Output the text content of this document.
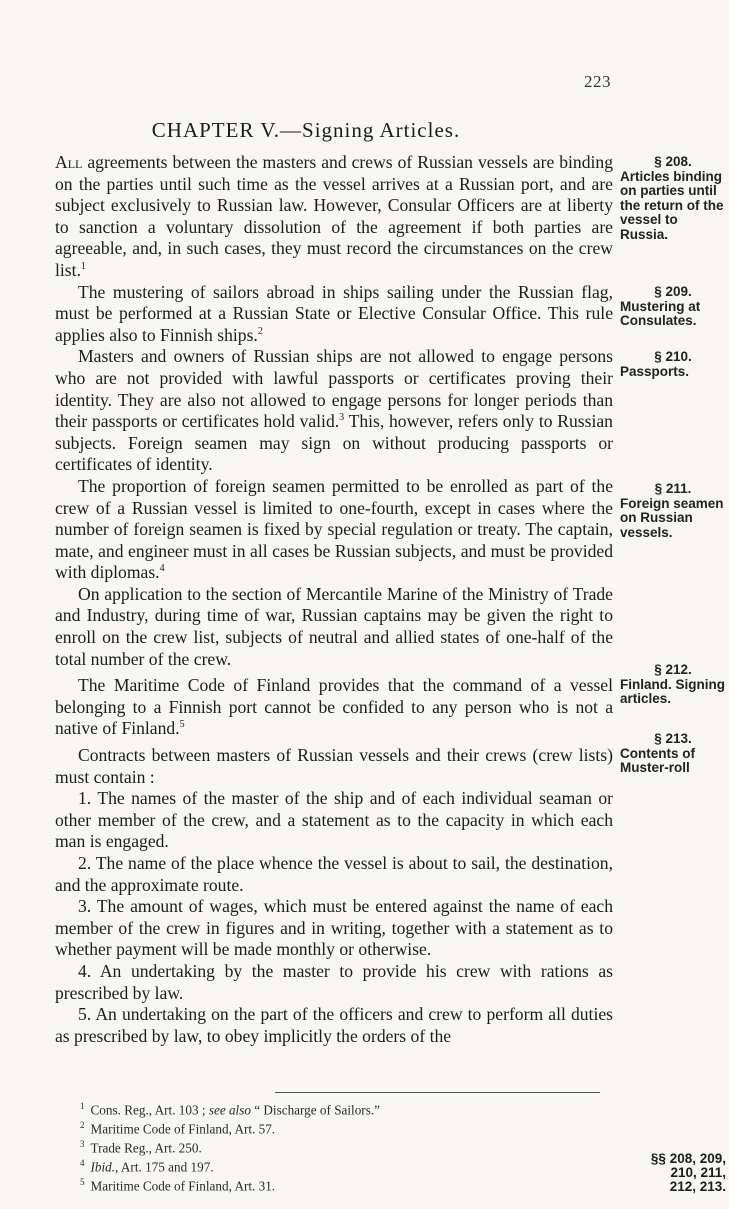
223
CHAPTER V.—Signing Articles.

All agreements between the masters and crews of Russian vessels are binding on the parties until such time as the vessel arrives at a Russian port, and are subject exclusively to Russian law. However, Consular Officers are at liberty to sanction a voluntary dissolution of the agreement if both parties are agreeable, and, in such cases, they must record the circumstances on the crew list.$^1$

The mustering of sailors abroad in ships sailing under the Russian flag, must be performed at a Russian State or Elective Consular Office. This rule applies also to Finnish ships.$^2$

Masters and owners of Russian ships are not allowed to engage persons who are not provided with lawful passports or certificates proving their identity. They are also not allowed to engage persons for longer periods than their passports or certificates hold valid.$^3$ This, however, refers only to Russian subjects. Foreign seamen may sign on without producing passports or certificates of identity.

The proportion of foreign seamen permitted to be enrolled as part of the crew of a Russian vessel is limited to one-fourth, except in cases where the number of foreign seamen is fixed by special regulation or treaty. The captain, mate, and engineer must in all cases be Russian subjects, and must be provided with diplomas.$^4$

On application to the section of Mercantile Marine of the Ministry of Trade and Industry, during time of war, Russian captains may be given the right to enroll on the crew list, subjects of neutral and allied states of one-half of the total number of the crew.

The Maritime Code of Finland provides that the command of a vessel belonging to a Finnish port cannot be confided to any person who is not a native of Finland.$^5$

Contracts between masters of Russian vessels and their crews (crew lists) must contain :

1. The names of the master of the ship and of each individual seaman or other member of the crew, and a statement as to the capacity in which each man is engaged.

2. The name of the place whence the vessel is about to sail, the destination, and the approximate route.

3. The amount of wages, which must be entered against the name of each member of the crew in figures and in writing, together with a statement as to whether payment will be made monthly or otherwise.

4. An undertaking by the master to provide his crew with rations as prescribed by law.

5. An undertaking on the part of the officers and crew to perform all duties as prescribed by law, to obey implicitly the orders of the

§ 208.
Articles binding on parties until the return of the vessel to Russia.
§ 209.
Mustering at Consulates.
§ 210.
Passports.
§ 211.
Foreign seamen on Russian vessels.
§ 212.
Finland. Signing articles.
§ 213.
Contents of Muster-roll
$^1$ Cons. Reg., Art. 103 ; see also “ Discharge of Sailors.”
$^2$ Maritime Code of Finland, Art. 57.
$^3$ Trade Reg., Art. 250.
$^4$ Ibid., Art. 175 and 197.
$^5$ Maritime Code of Finland, Art. 31.
§§ 208, 209,
210, 211,
212, 213.
